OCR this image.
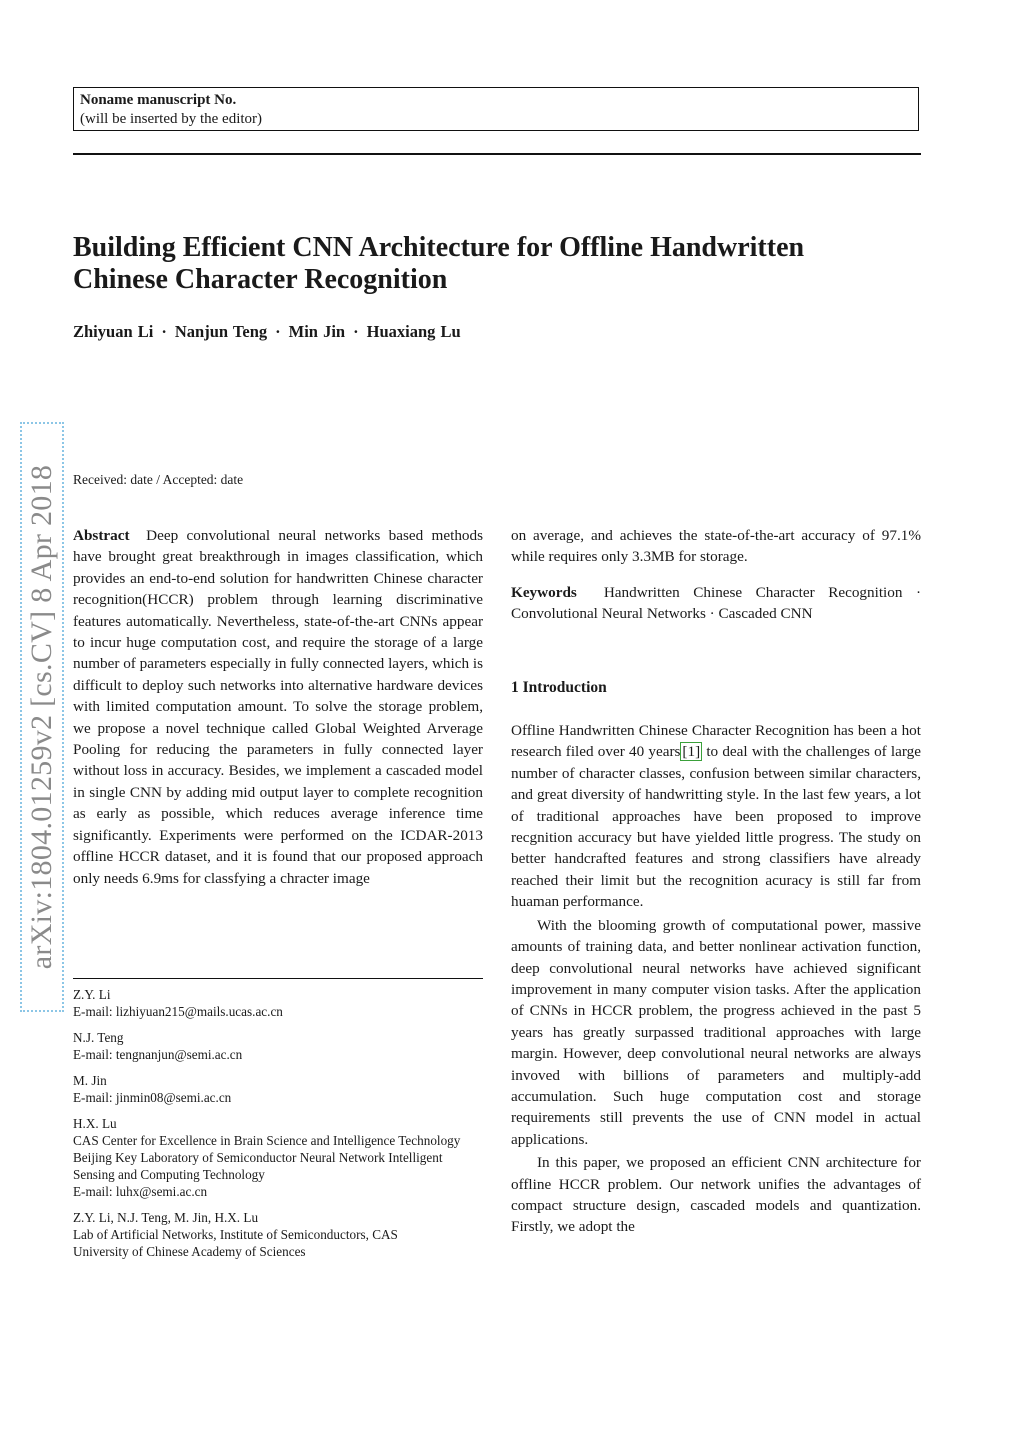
Noname manuscript No.
(will be inserted by the editor)
Building Efficient CNN Architecture for Offline Handwritten
Chinese Character Recognition
Zhiyuan Li · Nanjun Teng · Min Jin · Huaxiang Lu
arXiv:1804.01259v2 [cs.CV] 8 Apr 2018 Received: date / Accepted: date

Abstract Deep convolutional neural networks based methods have brought great breakthrough in images classification, which provides an end-to-end solution for handwritten Chinese character recognition(HCCR) problem through learning discriminative features automatically. Nevertheless, state-of-the-art CNNs appear to incur huge computation cost, and require the storage of a large number of parameters especially in fully connected layers, which is difficult to deploy such networks into alternative hardware devices with limited computation amount. To solve the storage problem, we propose a novel technique called Global Weighted Arverage Pooling for reducing the parameters in fully connected layer without loss in accuracy. Besides, we implement a cascaded model in single CNN by adding mid output layer to complete recognition as early as possible, which reduces average inference time significantly. Experiments were performed on the ICDAR-2013 offline HCCR dataset, and it is found that our proposed approach only needs 6.9ms for classfying a chracter image

Z.Y. Li
E-mail: lizhiyuan215@mails.ucas.ac.cn
N.J. Teng
E-mail: tengnanjun@semi.ac.cn
M. Jin
E-mail: jinmin08@semi.ac.cn
H.X. Lu
CAS Center for Excellence in Brain Science and Intelligence Technology
Beijing Key Laboratory of Semiconductor Neural Network Intelligent Sensing and Computing Technology
E-mail: luhx@semi.ac.cn
Z.Y. Li, N.J. Teng, M. Jin, H.X. Lu
Lab of Artificial Networks, Institute of Semiconductors, CAS
University of Chinese Academy of Sciences

on average, and achieves the state-of-the-art accuracy of 97.1% while requires only 3.3MB for storage.

Keywords Handwritten Chinese Character Recognition · Convolutional Neural Networks · Cascaded CNN

1 Introduction

Offline Handwritten Chinese Character Recognition has been a hot research filed over 40 years [1] to deal with the challenges of large number of character classes, confusion between similar characters, and great diversity of handwritting style. In the last few years, a lot of traditional approaches have been proposed to improve recgnition accuracy but have yielded little progress. The study on better handcrafted features and strong classifiers have already reached their limit but the recognition acuracy is still far from huaman performance.

With the blooming growth of computational power, massive amounts of training data, and better nonlinear activation function, deep convolutional neural networks have achieved significant improvement in many computer vision tasks. After the application of CNNs in HCCR problem, the progress achieved in the past 5 years has greatly surpassed traditional approaches with large margin. However, deep convolutional neural networks are always invoved with billions of parameters and multiply-add accumulation. Such huge computation cost and storage requirements still prevents the use of CNN model in actual applications.

In this paper, we proposed an efficient CNN architecture for offline HCCR problem. Our network unifies the advantages of compact structure design, cascaded models and quantization. Firstly, we adopt the
